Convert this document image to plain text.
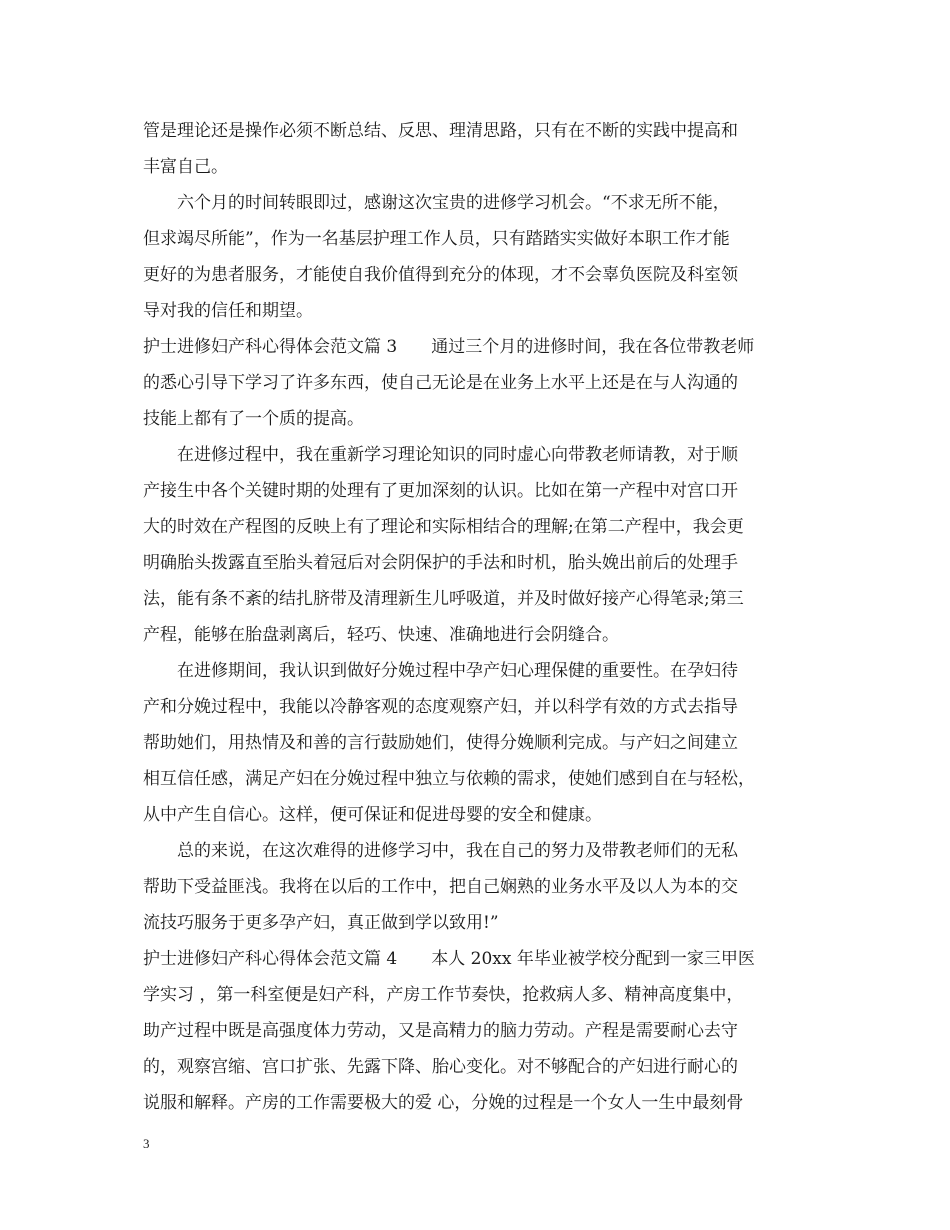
管是理论还是操作必须不断总结、反思、理清思路，只有在不断的实践中提高和
丰富自己。
　　六个月的时间转眼即过，感谢这次宝贵的进修学习机会。“不求无所不能，
但求竭尽所能”，作为一名基层护理工作人员，只有踏踏实实做好本职工作才能
更好的为患者服务，才能使自我价值得到充分的体现，才不会辜负医院及科室领
导对我的信任和期望。
护士进修妇产科心得体会范文篇 3　　通过三个月的进修时间，我在各位带教老师
的悉心引导下学习了许多东西，使自己无论是在业务上水平上还是在与人沟通的
技能上都有了一个质的提高。
　　在进修过程中，我在重新学习理论知识的同时虚心向带教老师请教，对于顺
产接生中各个关键时期的处理有了更加深刻的认识。比如在第一产程中对宫口开
大的时效在产程图的反映上有了理论和实际相结合的理解;在第二产程中，我会更
明确胎头拨露直至胎头着冠后对会阴保护的手法和时机，胎头娩出前后的处理手
法，能有条不紊的结扎脐带及清理新生儿呼吸道，并及时做好接产心得笔录;第三
产程，能够在胎盘剥离后，轻巧、快速、准确地进行会阴缝合。
　　在进修期间，我认识到做好分娩过程中孕产妇心理保健的重要性。在孕妇待
产和分娩过程中，我能以冷静客观的态度观察产妇，并以科学有效的方式去指导
帮助她们，用热情及和善的言行鼓励她们，使得分娩顺利完成。与产妇之间建立
相互信任感，满足产妇在分娩过程中独立与依赖的需求，使她们感到自在与轻松，
从中产生自信心。这样，便可保证和促进母婴的安全和健康。
　　总的来说，在这次难得的进修学习中，我在自己的努力及带教老师们的无私
帮助下受益匪浅。我将在以后的工作中，把自己娴熟的业务水平及以人为本的交
流技巧服务于更多孕产妇，真正做到学以致用!”
护士进修妇产科心得体会范文篇 4　　本人 20xx 年毕业被学校分配到一家三甲医
学实习 ，第一科室便是妇产科，产房工作节奏快，抢救病人多、精神高度集中，
助产过程中既是高强度体力劳动，又是高精力的脑力劳动。产程是需要耐心去守
的，观察宫缩、宫口扩张、先露下降、胎心变化。对不够配合的产妇进行耐心的
说服和解释。产房的工作需要极大的爱 心，分娩的过程是一个女人一生中最刻骨
3
